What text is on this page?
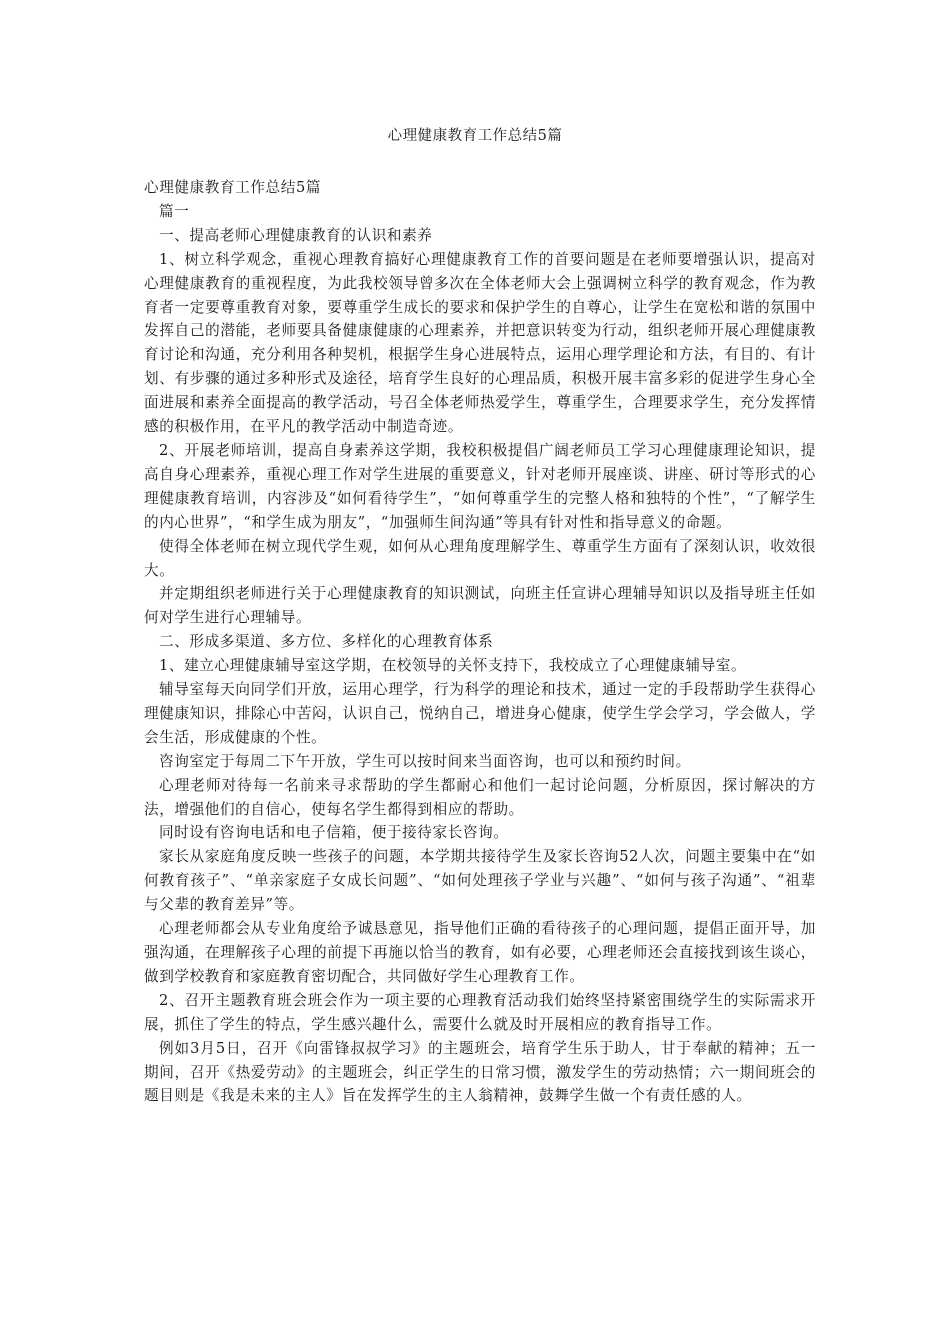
心理健康教育工作总结5篇

心理健康教育工作总结5篇

篇一

一、提高老师心理健康教育的认识和素养

1、树立科学观念，重视心理教育搞好心理健康教育工作的首要问题是在老师要增强认识，提高对心理健康教育的重视程度，为此我校领导曾多次在全体老师大会上强调树立科学的教育观念，作为教育者一定要尊重教育对象，要尊重学生成长的要求和保护学生的自尊心，让学生在宽松和谐的氛围中发挥自己的潜能，老师要具备健康健康的心理素养，并把意识转变为行动，组织老师开展心理健康教育讨论和沟通，充分利用各种契机，根据学生身心进展特点，运用心理学理论和方法，有目的、有计划、有步骤的通过多种形式及途径，培育学生良好的心理品质，积极开展丰富多彩的促进学生身心全面进展和素养全面提高的教学活动，号召全体老师热爱学生，尊重学生，合理要求学生，充分发挥情感的积极作用，在平凡的教学活动中制造奇迹。

2、开展老师培训，提高自身素养这学期，我校积极提倡广阔老师员工学习心理健康理论知识，提高自身心理素养，重视心理工作对学生进展的重要意义，针对老师开展座谈、讲座、研讨等形式的心理健康教育培训，内容涉及“如何看待学生”，“如何尊重学生的完整人格和独特的个性”，“了解学生的内心世界”，“和学生成为朋友”，“加强师生间沟通”等具有针对性和指导意义的命题。

使得全体老师在树立现代学生观，如何从心理角度理解学生、尊重学生方面有了深刻认识，收效很大。

并定期组织老师进行关于心理健康教育的知识测试，向班主任宣讲心理辅导知识以及指导班主任如何对学生进行心理辅导。

二、形成多渠道、多方位、多样化的心理教育体系

1、建立心理健康辅导室这学期，在校领导的关怀支持下，我校成立了心理健康辅导室。

辅导室每天向同学们开放，运用心理学，行为科学的理论和技术，通过一定的手段帮助学生获得心理健康知识，排除心中苦闷，认识自己，悦纳自己，增进身心健康，使学生学会学习，学会做人，学会生活，形成健康的个性。

咨询室定于每周二下午开放，学生可以按时间来当面咨询，也可以和预约时间。

心理老师对待每一名前来寻求帮助的学生都耐心和他们一起讨论问题，分析原因，探讨解决的方法，增强他们的自信心，使每名学生都得到相应的帮助。

同时设有咨询电话和电子信箱，便于接待家长咨询。

家长从家庭角度反映一些孩子的问题，本学期共接待学生及家长咨询52人次，问题主要集中在“如何教育孩子”、“单亲家庭子女成长问题”、“如何处理孩子学业与兴趣”、“如何与孩子沟通”、“祖辈与父辈的教育差异”等。

心理老师都会从专业角度给予诚恳意见，指导他们正确的看待孩子的心理问题，提倡正面开导，加强沟通，在理解孩子心理的前提下再施以恰当的教育，如有必要，心理老师还会直接找到该生谈心，做到学校教育和家庭教育密切配合，共同做好学生心理教育工作。

2、召开主题教育班会班会作为一项主要的心理教育活动我们始终坚持紧密围绕学生的实际需求开展，抓住了学生的特点，学生感兴趣什么，需要什么就及时开展相应的教育指导工作。

例如3月5日，召开《向雷锋叔叔学习》的主题班会，培育学生乐于助人，甘于奉献的精神；五一期间，召开《热爱劳动》的主题班会，纠正学生的日常习惯，激发学生的劳动热情；六一期间班会的题目则是《我是未来的主人》旨在发挥学生的主人翁精神，鼓舞学生做一个有责任感的人。
